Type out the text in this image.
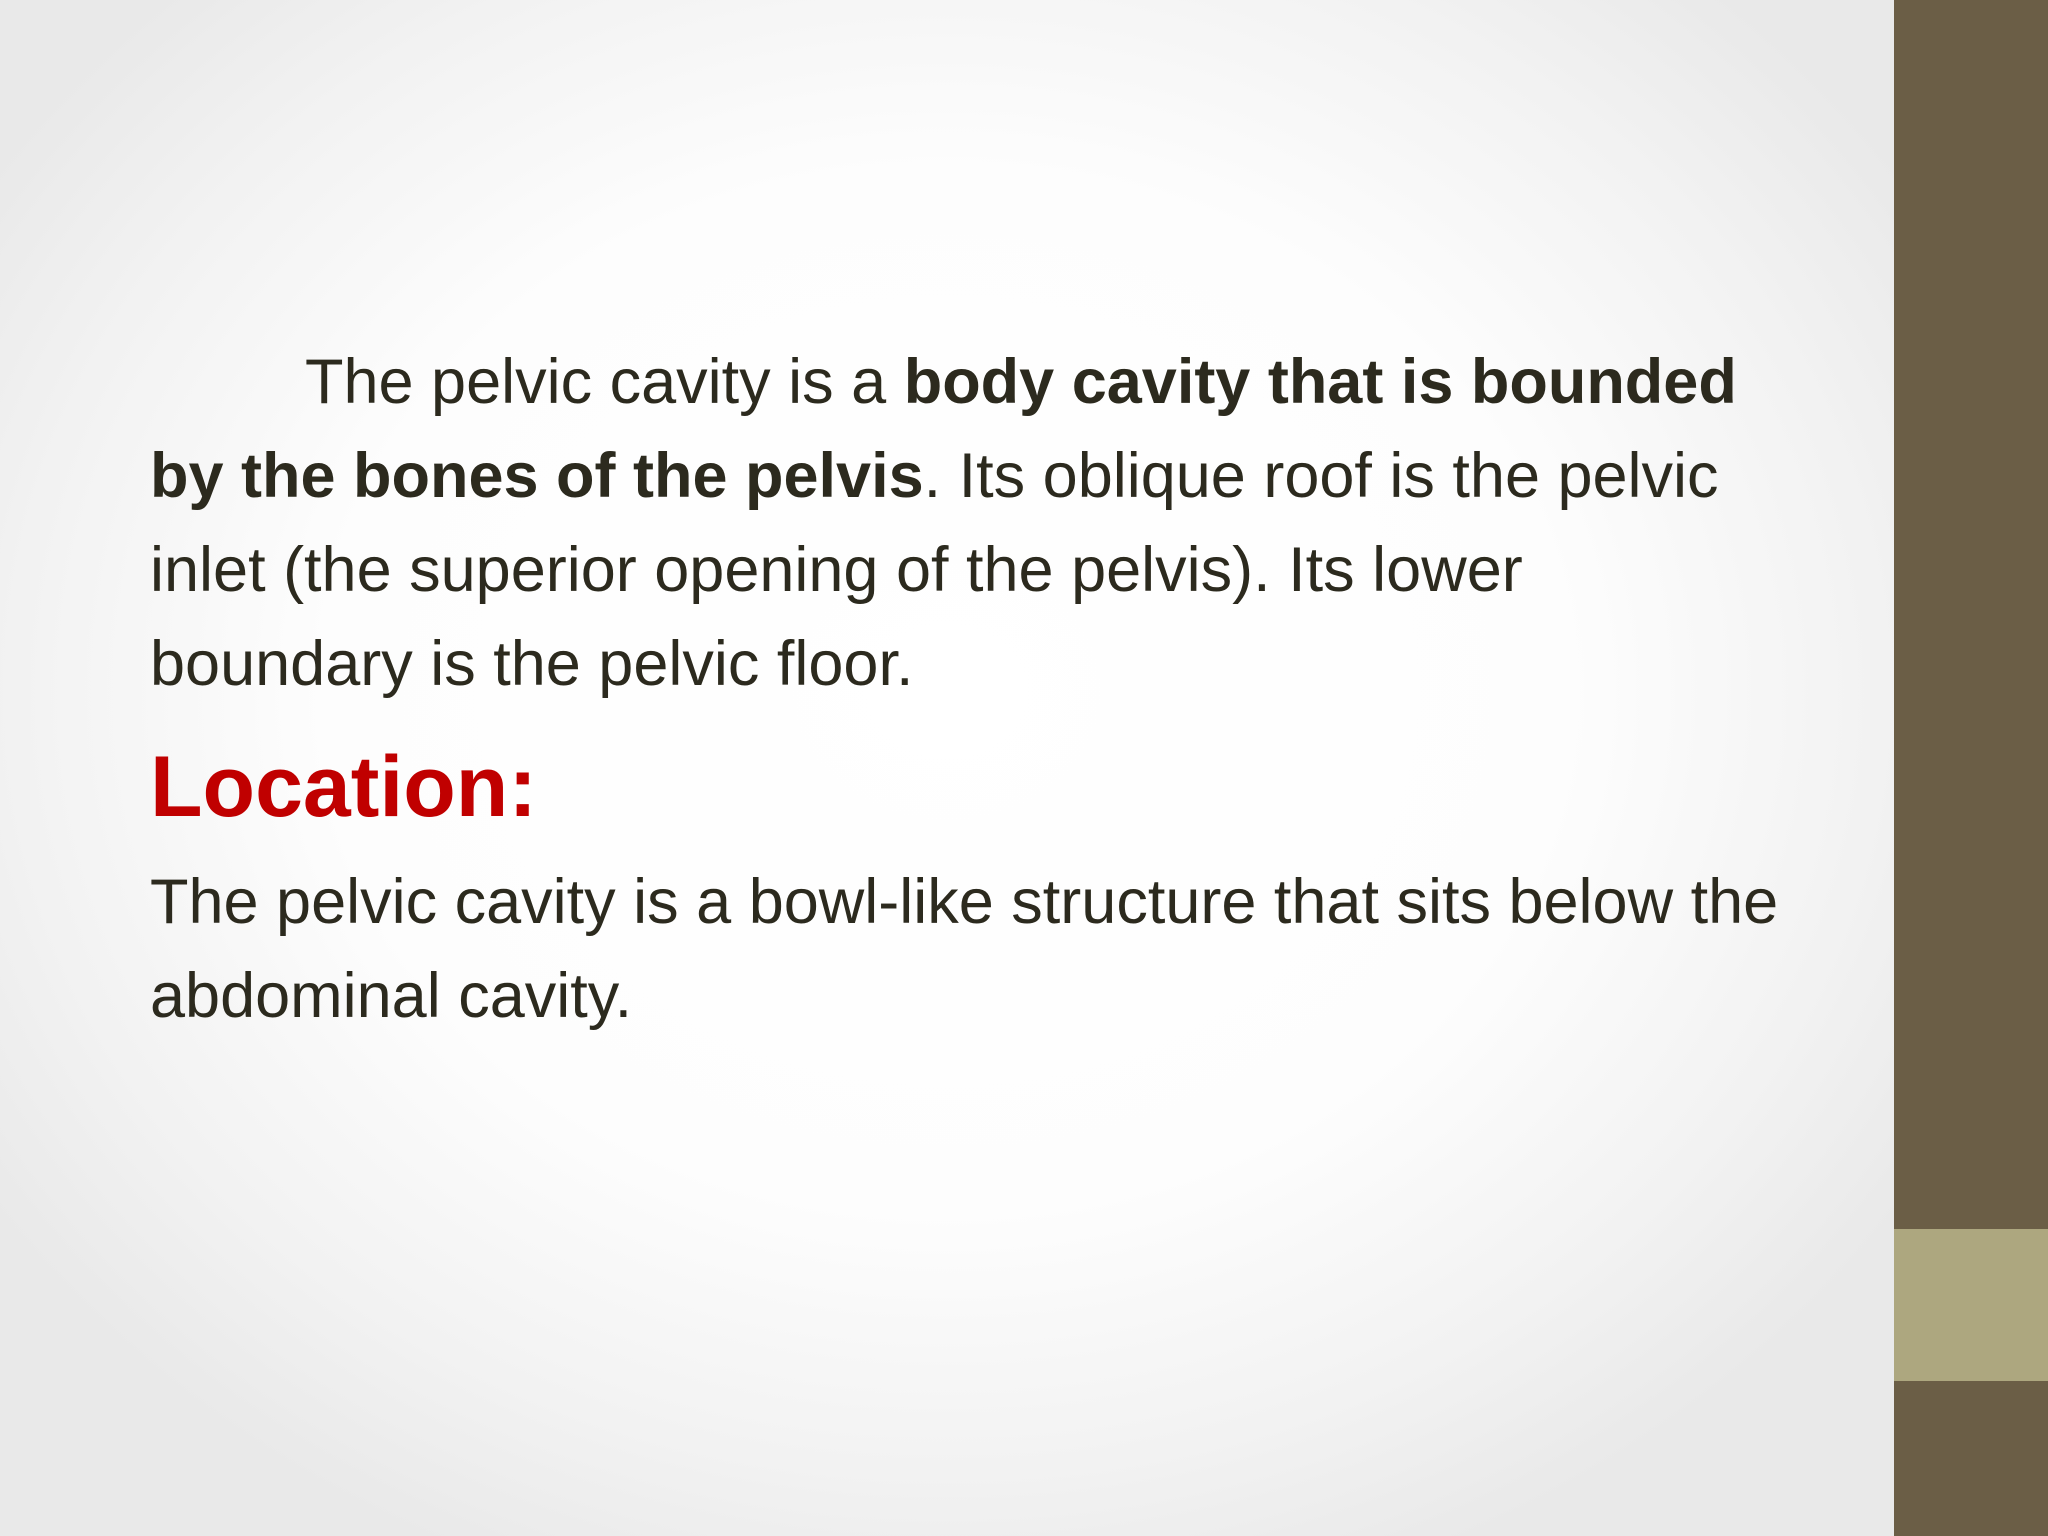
The pelvic cavity is a body cavity that is bounded by the bones of the pelvis. Its oblique roof is the pelvic inlet (the superior opening of the pelvis). Its lower boundary is the pelvic floor.

Location:

The pelvic cavity is a bowl-like structure that sits below the abdominal cavity.
